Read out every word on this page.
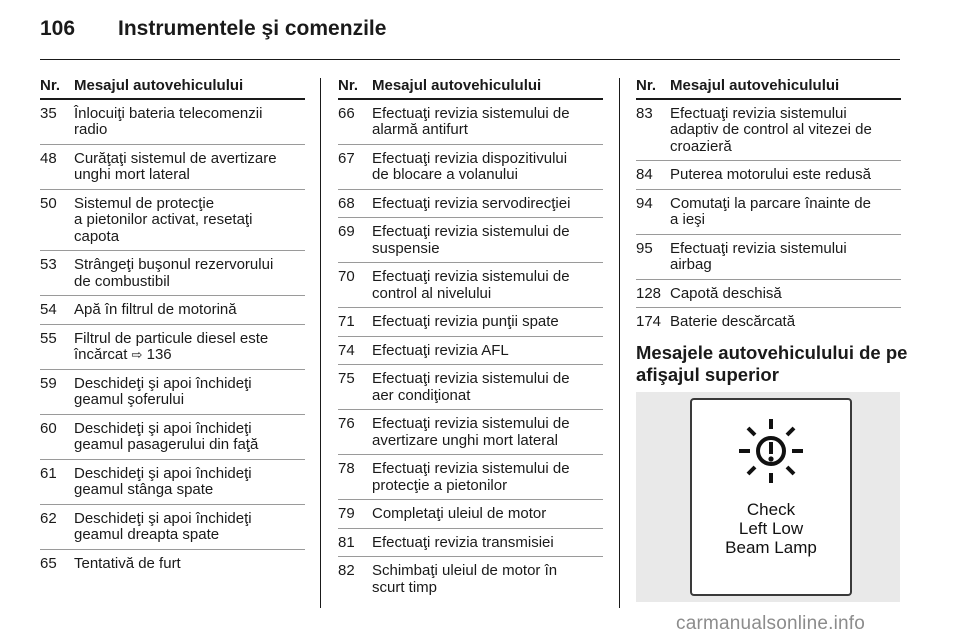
106 Instrumentele şi comenzile
Nr.	Mesajul autovehiculului
35	Înlocuiţi bateria telecomenzii
radio
48	Curăţaţi sistemul de avertizare
unghi mort lateral
50	Sistemul de protecţie
a pietonilor activat, resetaţi
capota
53	Strângeţi buşonul rezervorului
de combustibil
54	Apă în filtrul de motorină
55	Filtrul de particule diesel este
încărcat ⇨ 136
59	Deschideţi şi apoi închideţi
geamul şoferului
60	Deschideţi şi apoi închideţi
geamul pasagerului din faţă
61	Deschideţi şi apoi închideţi
geamul stânga spate
62	Deschideţi şi apoi închideţi
geamul dreapta spate
65	Tentativă de furt
Nr.	Mesajul autovehiculului
66	Efectuaţi revizia sistemului de
alarmă antifurt
67	Efectuaţi revizia dispozitivului
de blocare a volanului
68	Efectuaţi revizia servodirecţiei
69	Efectuaţi revizia sistemului de
suspensie
70	Efectuaţi revizia sistemului de
control al nivelului
71	Efectuaţi revizia punţii spate
74	Efectuaţi revizia AFL
75	Efectuaţi revizia sistemului de
aer condiţionat
76	Efectuaţi revizia sistemului de
avertizare unghi mort lateral
78	Efectuaţi revizia sistemului de
protecţie a pietonilor
79	Completaţi uleiul de motor
81	Efectuaţi revizia transmisiei
82	Schimbaţi uleiul de motor în
scurt timp
Nr.	Mesajul autovehiculului
83	Efectuaţi revizia sistemului
adaptiv de control al vitezei de
croazieră
84	Puterea motorului este redusă
94	Comutaţi la parcare înainte de
a ieşi
95	Efectuaţi revizia sistemului
airbag
128	Capotă deschisă
174	Baterie descărcată
Mesajele autovehiculului de pe
afişajul superior
Check
Left Low
Beam Lamp
carmanualsonline.info
